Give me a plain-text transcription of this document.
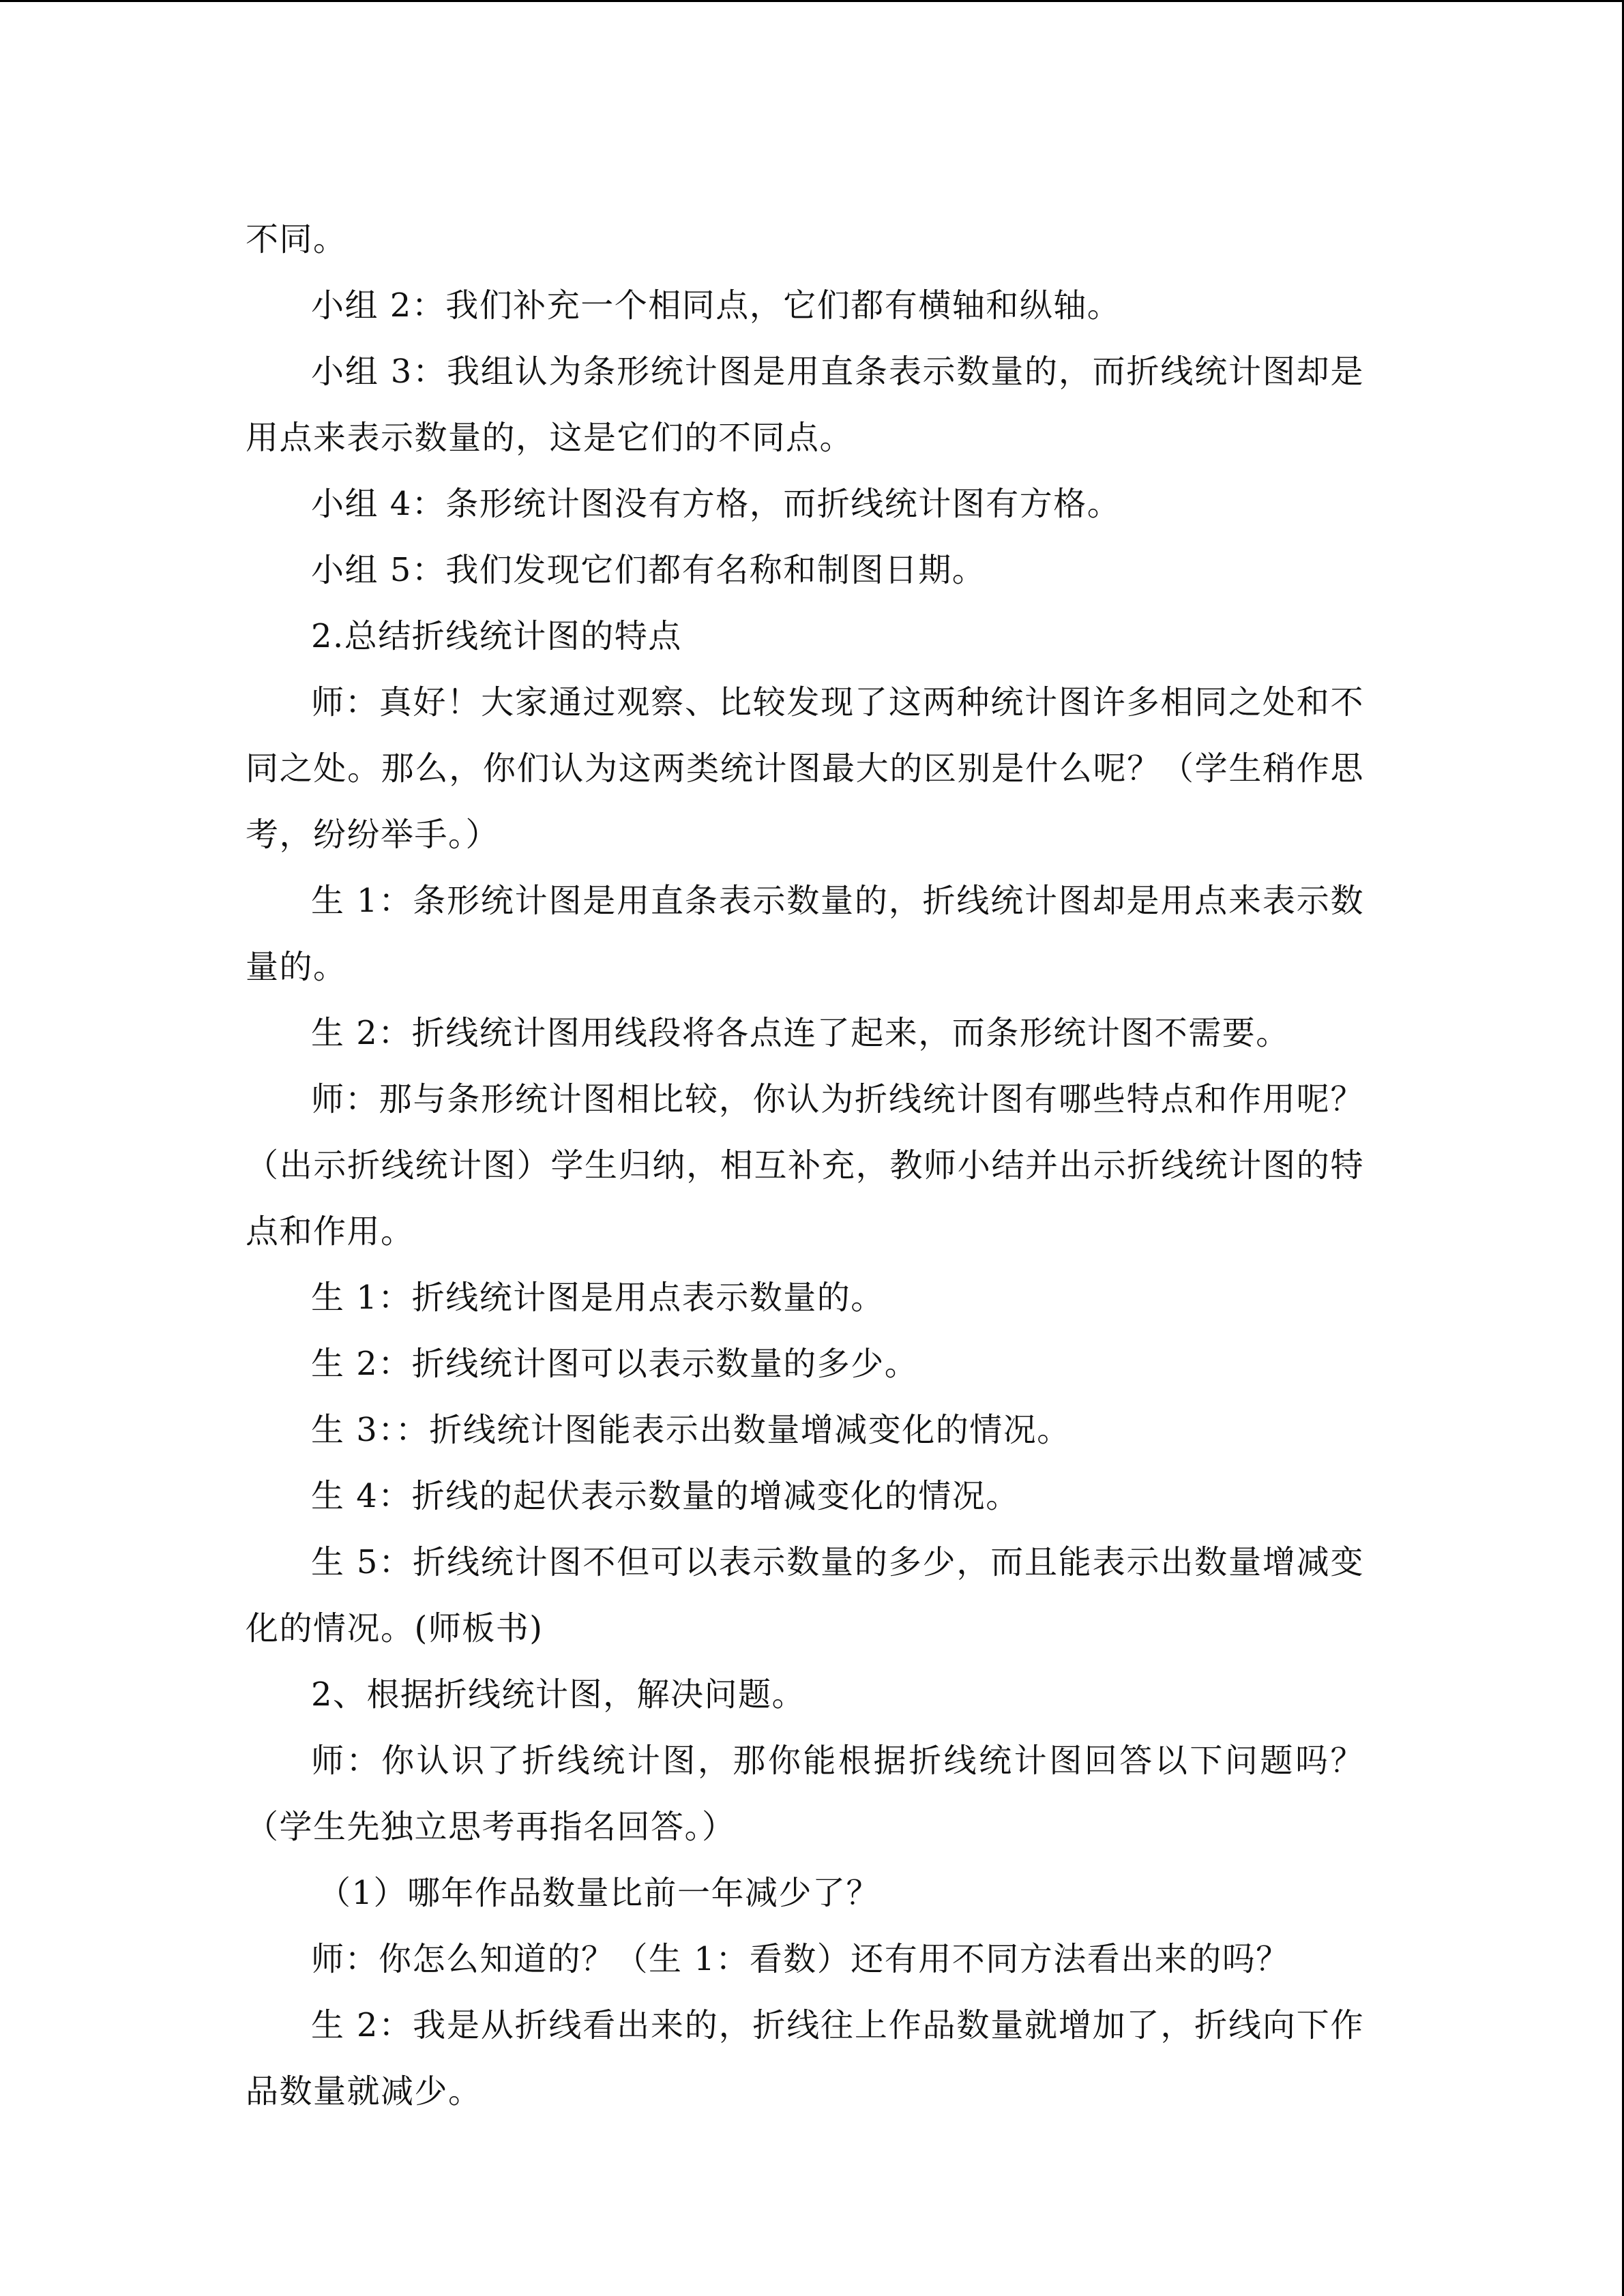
不同。

小组 2：我们补充一个相同点，它们都有横轴和纵轴。

小组 3：我组认为条形统计图是用直条表示数量的，而折线统计图却是用点来表示数量的，这是它们的不同点。

小组 4：条形统计图没有方格，而折线统计图有方格。

小组 5：我们发现它们都有名称和制图日期。

2.总结折线统计图的特点

师：真好！大家通过观察、比较发现了这两种统计图许多相同之处和不同之处。那么，你们认为这两类统计图最大的区别是什么呢？（学生稍作思考，纷纷举手。）

生 1：条形统计图是用直条表示数量的，折线统计图却是用点来表示数量的。

生 2：折线统计图用线段将各点连了起来，而条形统计图不需要。

师：那与条形统计图相比较，你认为折线统计图有哪些特点和作用呢？（出示折线统计图）学生归纳，相互补充，教师小结并出示折线统计图的特点和作用。

生 1：折线统计图是用点表示数量的。

生 2：折线统计图可以表示数量的多少。

生 3：：折线统计图能表示出数量增减变化的情况。

生 4：折线的起伏表示数量的增减变化的情况。

生 5：折线统计图不但可以表示数量的多少，而且能表示出数量增减变化的情况。(师板书)

2、根据折线统计图，解决问题。

师：你认识了折线统计图，那你能根据折线统计图回答以下问题吗？（学生先独立思考再指名回答。）

（1）哪年作品数量比前一年减少了？

师：你怎么知道的？（生 1：看数）还有用不同方法看出来的吗？

生 2：我是从折线看出来的，折线往上作品数量就增加了，折线向下作品数量就减少。
